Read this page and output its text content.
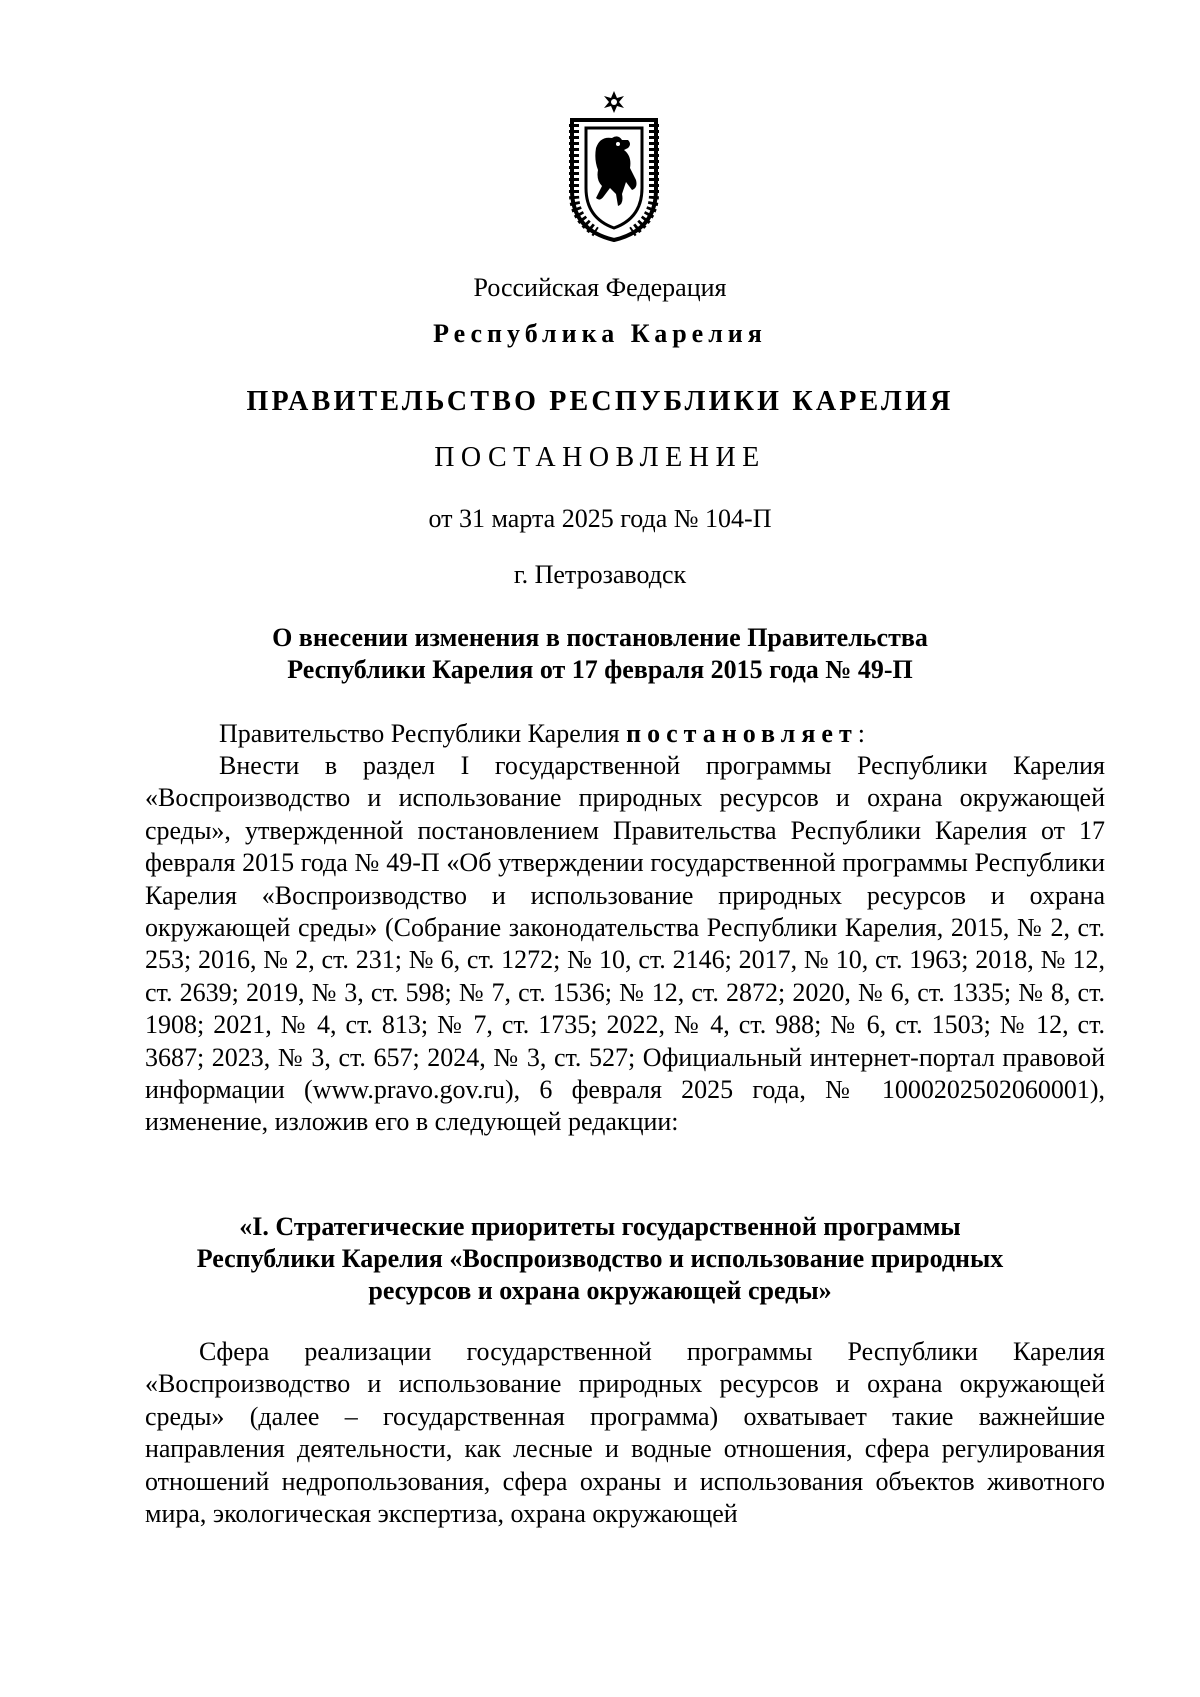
Российская Федерация
Республика Карелия
ПРАВИТЕЛЬСТВО РЕСПУБЛИКИ КАРЕЛИЯ
ПОСТАНОВЛЕНИЕ
от 31 марта 2025 года № 104-П
г. Петрозаводск
О внесении изменения в постановление Правительства
Республики Карелия от 17 февраля 2015 года № 49-П
Правительство Республики Карелия постановляет:
Внести в раздел I государственной программы Республики Карелия «Воспроизводство и использование природных ресурсов и охрана окружающей среды», утвержденной постановлением Правительства Республики Карелия от 17 февраля 2015 года № 49-П «Об утверждении государственной программы Республики Карелия «Воспроизводство и использование природных ресурсов и охрана окружающей среды» (Собрание законодательства Республики Карелия, 2015, № 2, ст. 253; 2016, № 2, ст. 231; № 6, ст. 1272; № 10, ст. 2146; 2017, № 10, ст. 1963; 2018, № 12, ст. 2639; 2019, № 3, ст. 598; № 7, ст. 1536; № 12, ст. 2872; 2020, № 6, ст. 1335; № 8, ст. 1908; 2021, № 4, ст. 813; № 7, ст. 1735; 2022, № 4, ст. 988; № 6, ст. 1503; № 12, ст. 3687; 2023, № 3, ст. 657; 2024, № 3, ст. 527; Официальный интернет-портал правовой информации (www.pravo.gov.ru), 6 февраля 2025 года, № 1000202502060001), изменение, изложив его в следующей редакции:
«I. Стратегические приоритеты государственной программы
Республики Карелия «Воспроизводство и использование природных
ресурсов и охрана окружающей среды»
Сфера реализации государственной программы Республики Карелия «Воспроизводство и использование природных ресурсов и охрана окружающей среды» (далее – государственная программа) охватывает такие важнейшие направления деятельности, как лесные и водные отношения, сфера регулирования отношений недропользования, сфера охраны и использования объектов животного мира, экологическая экспертиза, охрана окружающей
